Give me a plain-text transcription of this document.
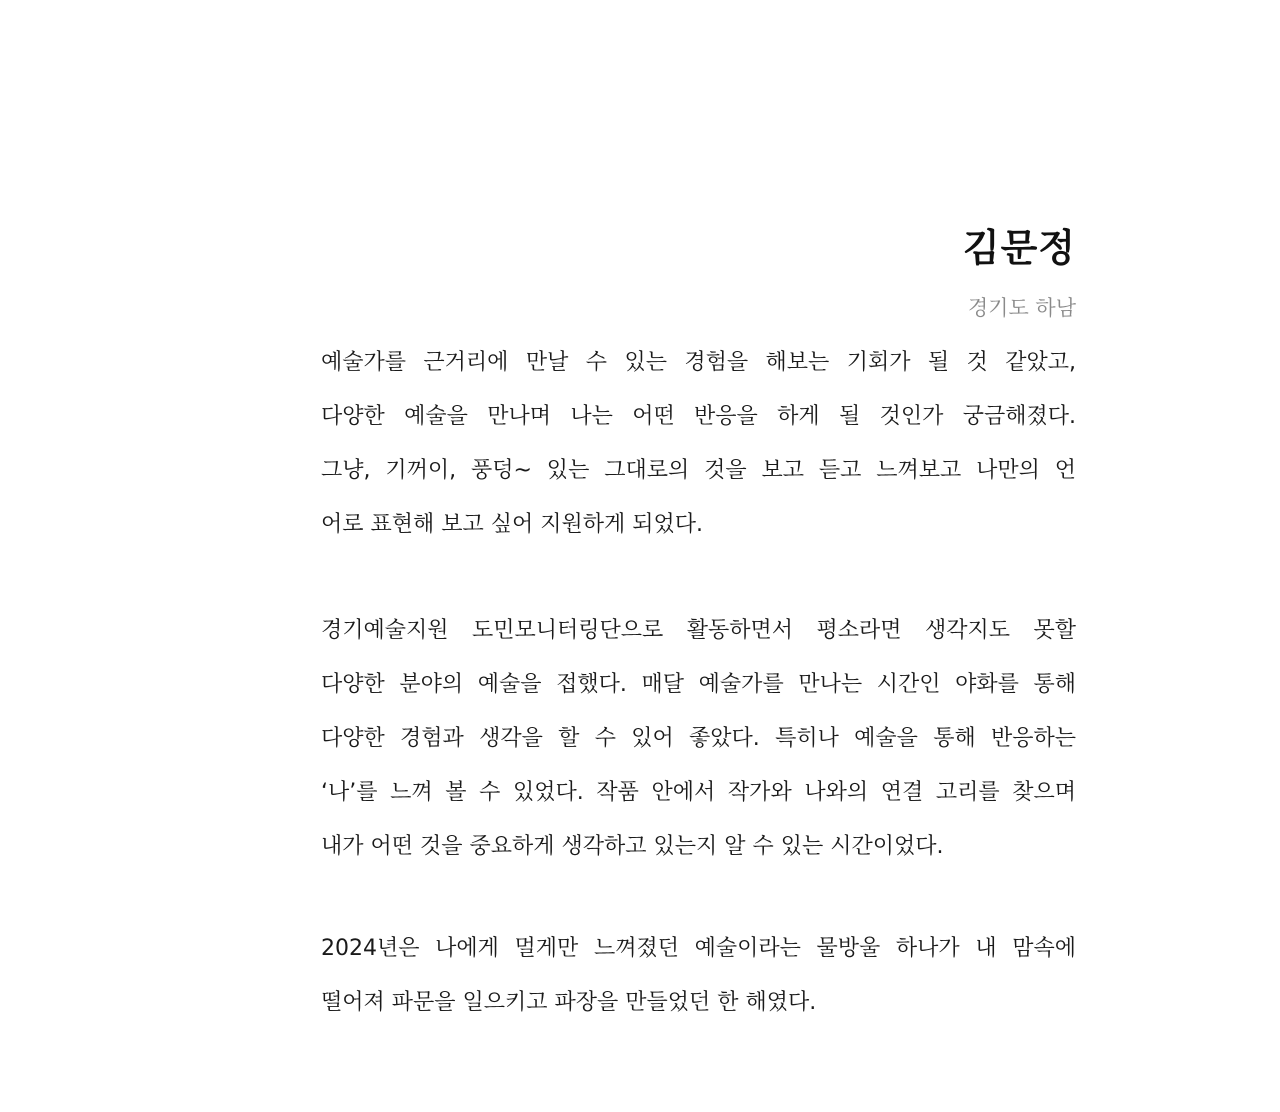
김문정

경기도 하남

예술가를 근거리에 만날 수 있는 경험을 해보는 기회가 될 것 같았고,
다양한 예술을 만나며 나는 어떤 반응을 하게 될 것인가 궁금해졌다.
그냥, 기꺼이, 풍덩~ 있는 그대로의 것을 보고 듣고 느껴보고 나만의 언
어로 표현해 보고 싶어 지원하게 되었다.

경기예술지원 도민모니터링단으로 활동하면서 평소라면 생각지도 못할
다양한 분야의 예술을 접했다. 매달 예술가를 만나는 시간인 야화를 통해
다양한 경험과 생각을 할 수 있어 좋았다. 특히나 예술을 통해 반응하는
‘나’를 느껴 볼 수 있었다. 작품 안에서 작가와 나와의 연결 고리를 찾으며
내가 어떤 것을 중요하게 생각하고 있는지 알 수 있는 시간이었다.

2024년은 나에게 멀게만 느껴졌던 예술이라는 물방울 하나가 내 맘속에
떨어져 파문을 일으키고 파장을 만들었던 한 해였다.
